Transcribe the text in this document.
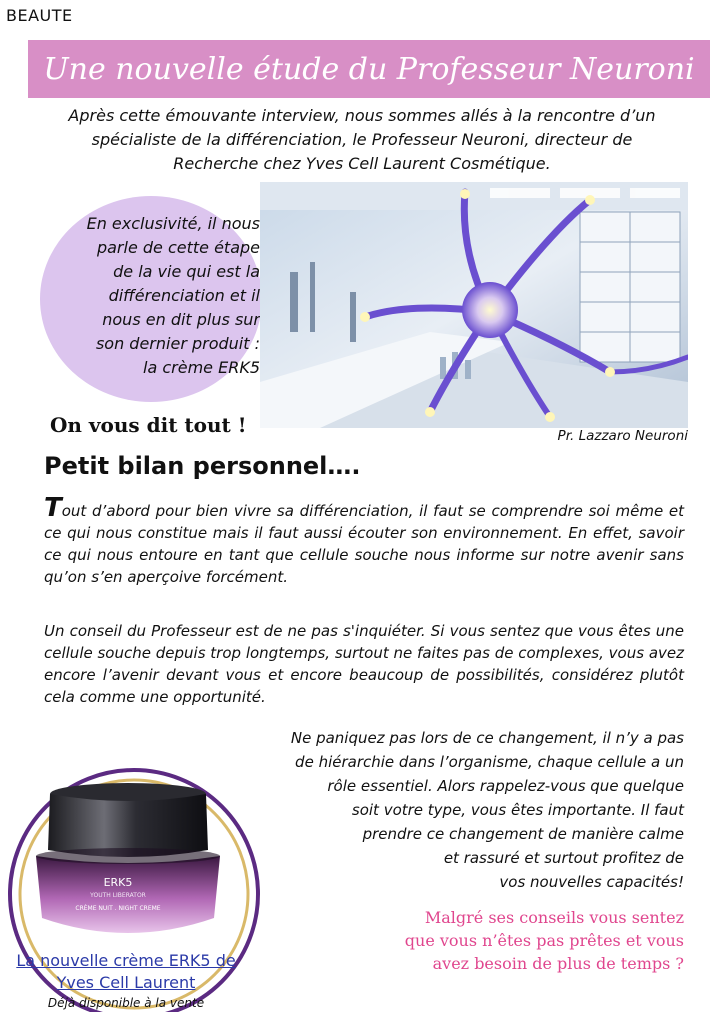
BEAUTE
Une nouvelle étude du Professeur Neuroni
Après cette émouvante interview, nous sommes allés à la rencontre d’un
spécialiste de la différenciation, le Professeur Neuroni, directeur de
Recherche chez Yves Cell Laurent Cosmétique.
En exclusivité, il nous
parle de cette étape
de la vie qui est la
différenciation et il
nous en dit plus sur
son dernier produit :
la crème ERK5
On vous dit tout !	Pr. Lazzaro Neuroni
Petit bilan personnel….
Tout d’abord pour bien vivre sa différenciation, il faut se comprendre soi même et ce qui nous constitue mais il faut aussi écouter son environnement. En effet, savoir ce qui nous entoure en tant que cellule souche nous informe sur notre avenir sans qu’on s’en aperçoive forcément.
Un conseil du Professeur est de ne pas s'inquiéter. Si vous sentez que vous êtes une cellule souche depuis trop longtemps, surtout ne faites pas de complexes, vous avez encore l’avenir devant vous et encore beaucoup de possibilités, considérez plutôt cela comme une opportunité.
Ne paniquez pas lors de ce changement, il n’y a pas
de hiérarchie dans l’organisme, chaque cellule a un
rôle essentiel. Alors rappelez-vous que quelque
soit votre type, vous êtes importante. Il faut
prendre ce changement de manière calme
et rassuré et surtout profitez de
vos nouvelles capacités!
Malgré ses conseils vous sentez
que vous n’êtes pas prêtes et vous
avez besoin de plus de temps ?
ERK5
YOUTH LIBERATOR
CRÈME NUIT . NIGHT CREME
La nouvelle crème ERK5 de
Yves Cell Laurent
Déjà disponible à la vente
